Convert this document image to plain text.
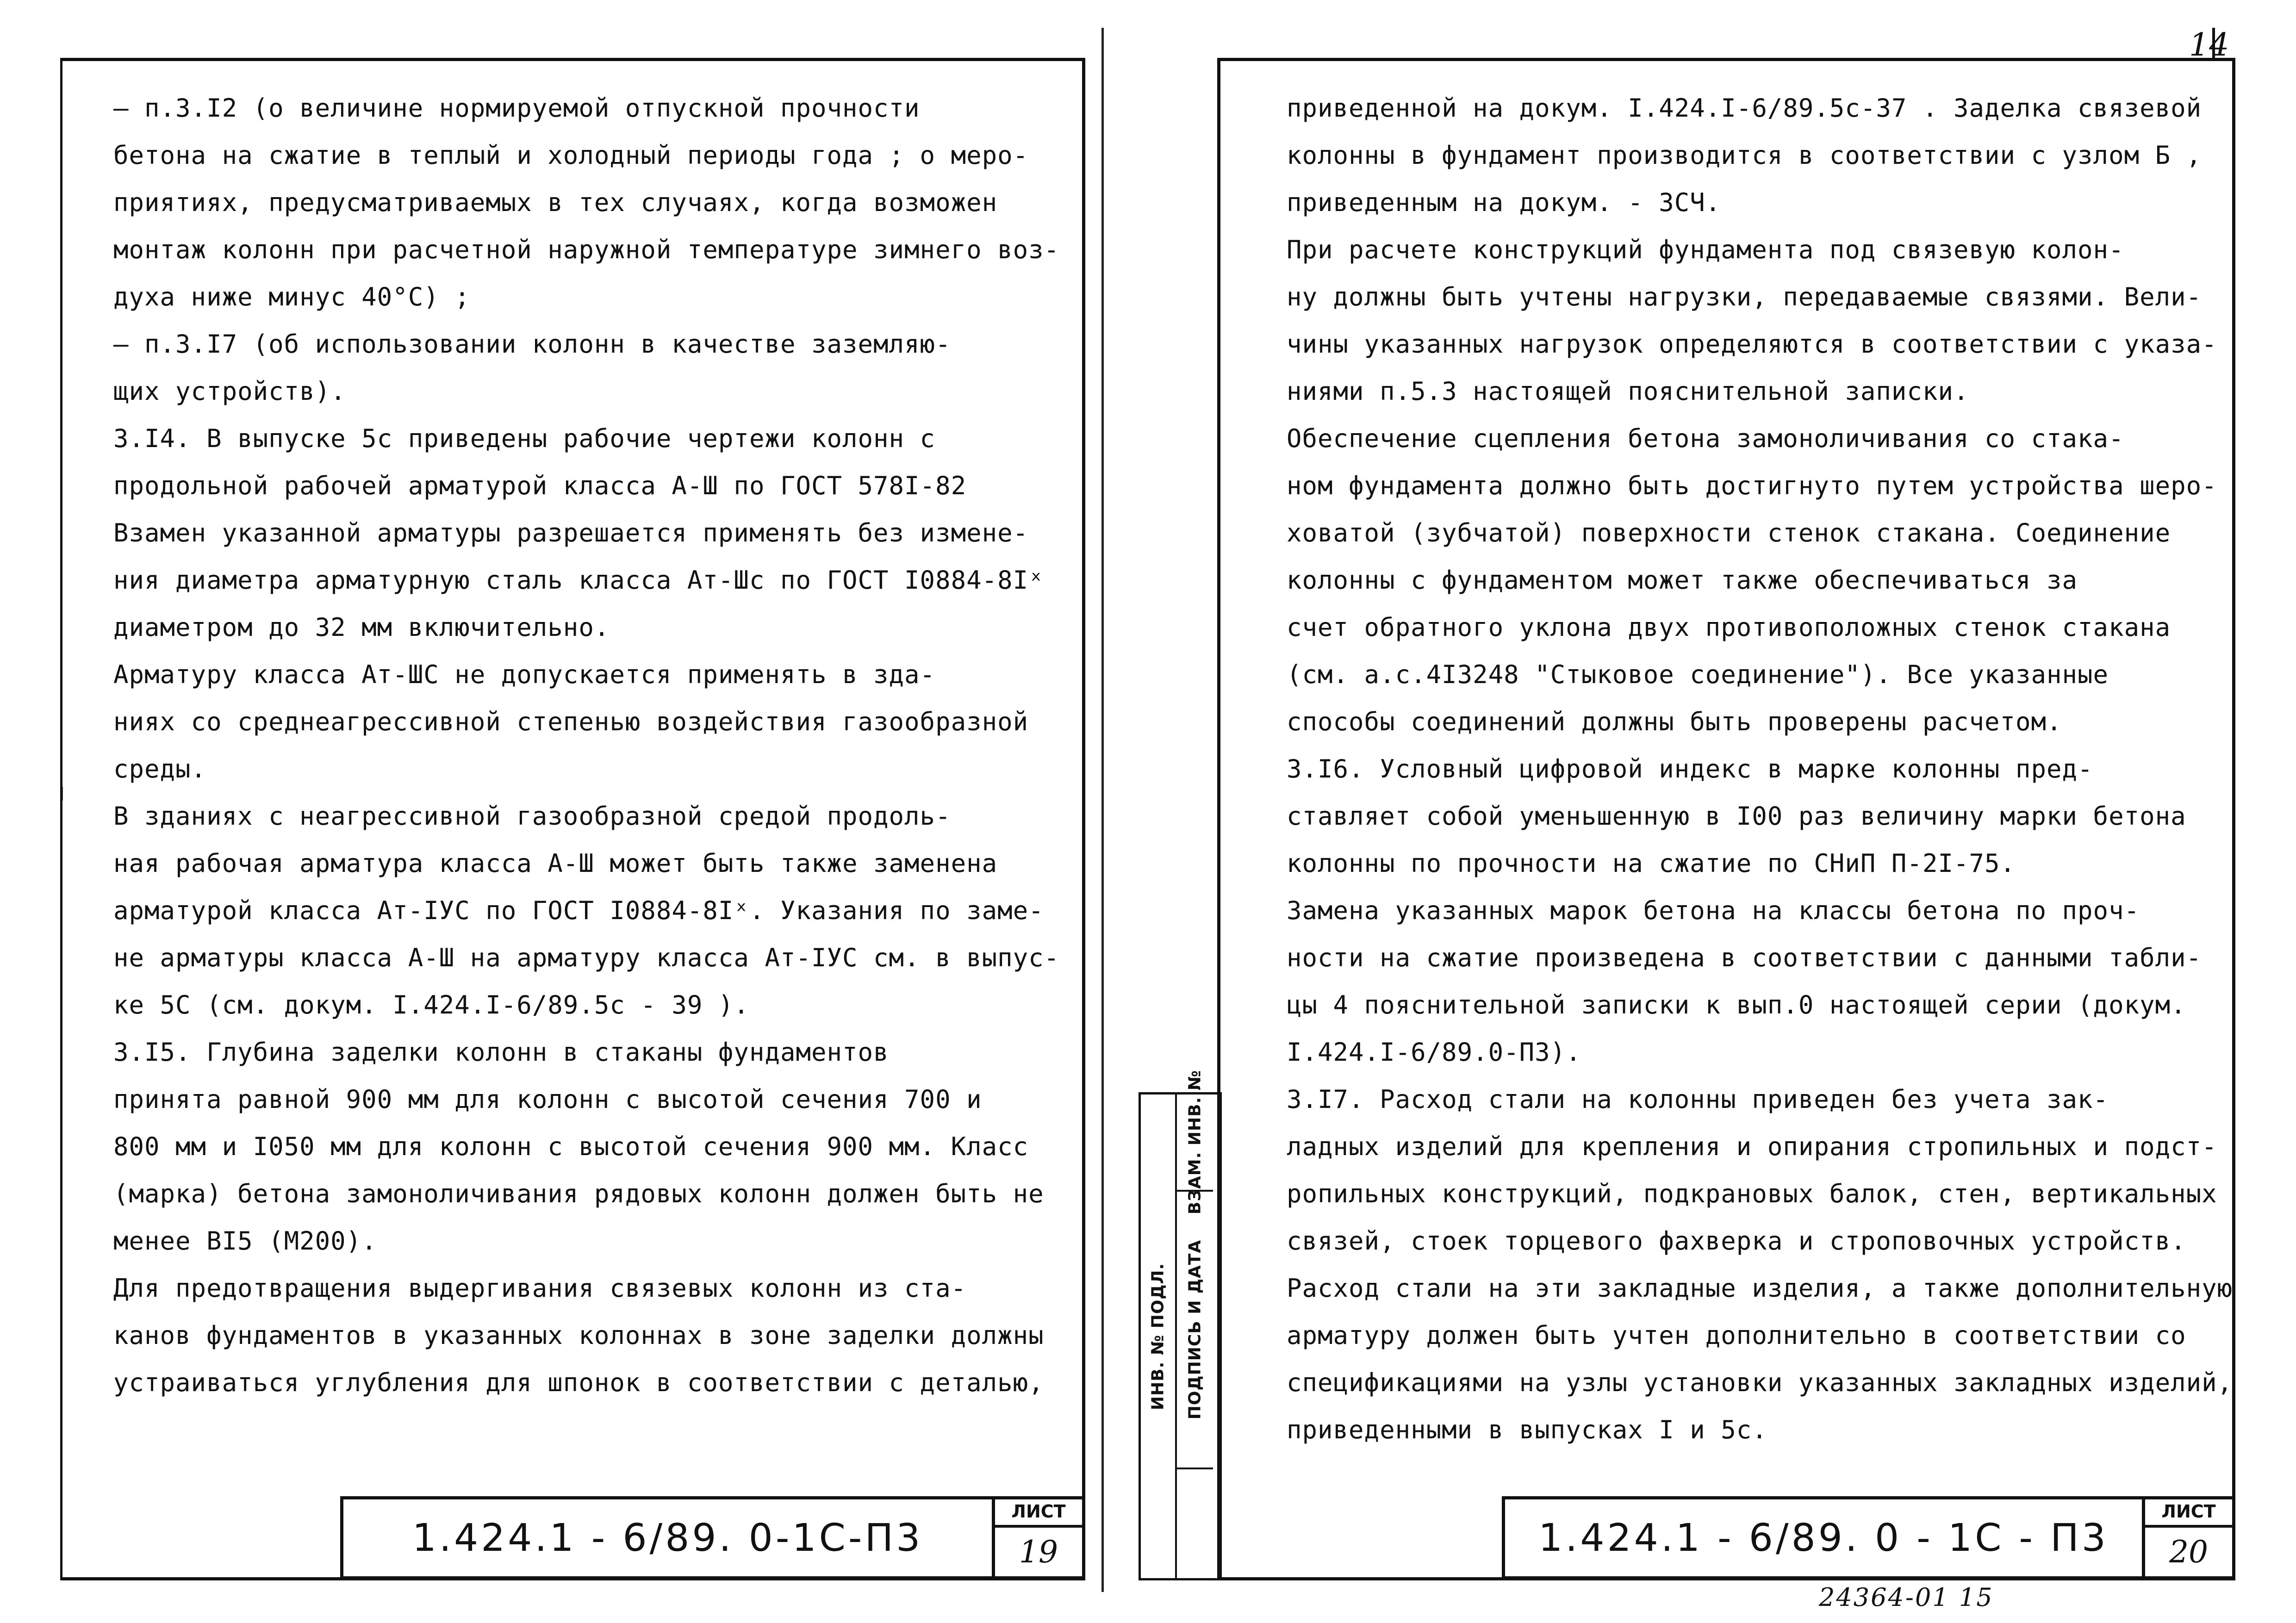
14

– п.3.I2 (о величине нормируемой отпускной прочности

бетона на сжатие в теплый и холодный периоды года ; о меро-

приятиях, предусматриваемых в тех случаях, когда возможен

монтаж колонн при расчетной наружной температуре зимнего воз-

духа ниже минус 40°С) ;

– п.3.I7 (об использовании колонн в качестве заземляю-

щих устройств).

3.I4. В выпуске 5с приведены рабочие чертежи колонн с

продольной рабочей арматурой класса А-Ш по ГОСТ 578I-82

Взамен указанной арматуры разрешается применять без измене-

ния диаметра арматурную сталь класса Ат-Шс по ГОСТ I0884-8Iˣ

диаметром до 32 мм включительно.

Арматуру класса Ат-ШС не допускается применять в зда-

ниях со среднеагрессивной степенью воздействия газообразной

среды.

В зданиях с неагрессивной газообразной средой продоль-

ная рабочая арматура класса А-Ш может быть также заменена

арматурой класса Ат-IУС по ГОСТ I0884-8Iˣ. Указания по заме-

не арматуры класса А-Ш на арматуру класса Ат-IУС см. в выпус-

ке 5С (см. докум. I.424.I-6/89.5с - 39 ).

3.I5. Глубина заделки колонн в стаканы фундаментов

принята равной 900 мм для колонн с высотой сечения 700 и

800 мм и I050 мм для колонн с высотой сечения 900 мм. Класс

(марка) бетона замоноличивания рядовых колонн должен быть не

менее BI5 (М200).

Для предотвращения выдергивания связевых колонн из ста-

канов фундаментов в указанных колоннах в зоне заделки должны

устраиваться углубления для шпонок в соответствии с деталью,

1.424.1 - 6/89. 0-1С-П3
ЛИСТ
19
ИНВ. № ПОДЛ.
ВЗАМ. ИНВ. №
ПОДПИСЬ И ДАТА

приведенной на докум. I.424.I-6/89.5с-37 . Заделка связевой

колонны в фундамент производится в соответствии с узлом Б ,

приведенным на докум. - 3СЧ.

При расчете конструкций фундамента под связевую колон-

ну должны быть учтены нагрузки, передаваемые связями. Вели-

чины указанных нагрузок определяются в соответствии с указа-

ниями п.5.3 настоящей пояснительной записки.

Обеспечение сцепления бетона замоноличивания со стака-

ном фундамента должно быть достигнуто путем устройства шеро-

ховатой (зубчатой) поверхности стенок стакана. Соединение

колонны с фундаментом может также обеспечиваться за

счет обратного уклона двух противоположных стенок стакана

(см. а.с.4I3248 "Стыковое соединение"). Все указанные

способы соединений должны быть проверены расчетом.

3.I6. Условный цифровой индекс в марке колонны пред-

ставляет собой уменьшенную в I00 раз величину марки бетона

колонны по прочности на сжатие по СНиП П-2I-75.

Замена указанных марок бетона на классы бетона по проч-

ности на сжатие произведена в соответствии с данными табли-

цы 4 пояснительной записки к вып.0 настоящей серии (докум.

I.424.I-6/89.0-П3).

3.I7. Расход стали на колонны приведен без учета зак-

ладных изделий для крепления и опирания стропильных и подст-

ропильных конструкций, подкрановых балок, стен, вертикальных

связей, стоек торцевого фахверка и строповочных устройств.

Расход стали на эти закладные изделия, а также дополнительную

арматуру должен быть учтен дополнительно в соответствии со

спецификациями на узлы установки указанных закладных изделий,

приведенными в выпусках I и 5с.

1.424.1 - 6/89. 0 - 1С - П3
ЛИСТ
20
24364-01 15
